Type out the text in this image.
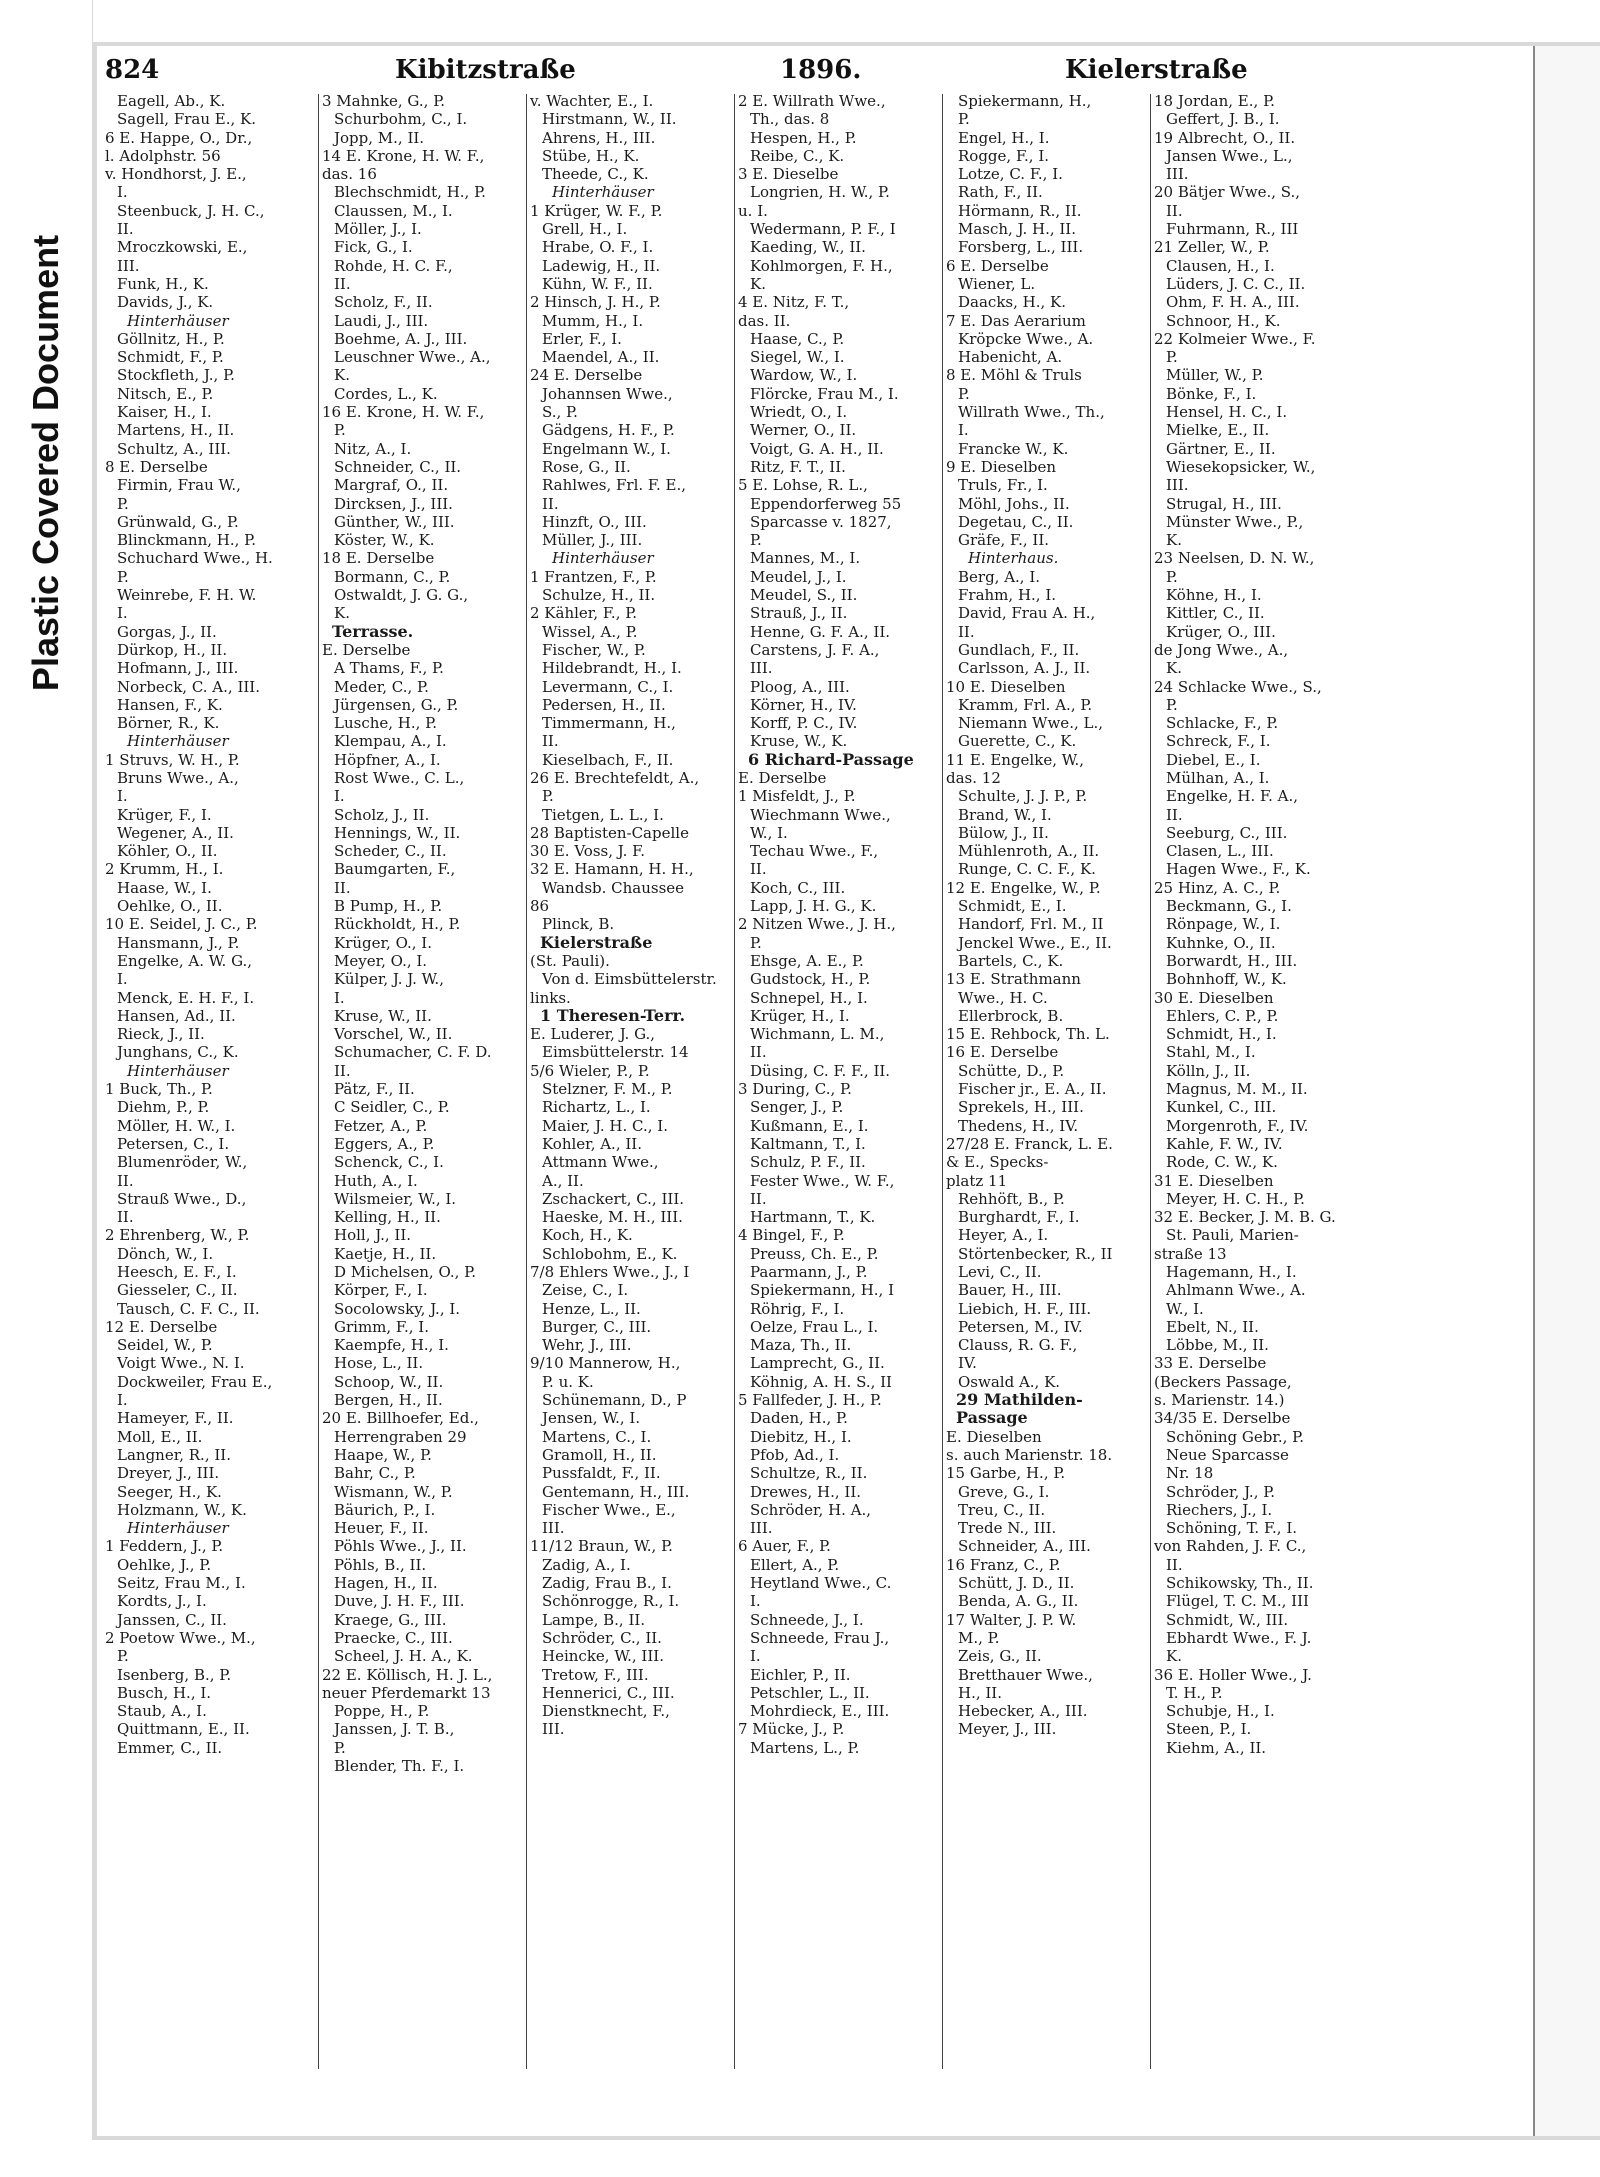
Plastic Covered Document
824	Kibitzstraße	1896.	Kielerstraße
Eagell, Ab., K.
Sagell, Frau E., K.
6 E. Happe, O., Dr.,
l. Adolphstr. 56
v. Hondhorst, J. E.,
I.
Steenbuck, J. H. C.,
II.
Mroczkowski, E.,
III.
Funk, H., K.
Davids, J., K.
Hinterhäuser
Göllnitz, H., P.
Schmidt, F., P.
Stockfleth, J., P.
Nitsch, E., P.
Kaiser, H., I.
Martens, H., II.
Schultz, A., III.
8 E. Derselbe
Firmin, Frau W.,
P.
Grünwald, G., P.
Blinckmann, H., P.
Schuchard Wwe., H.
P.
Weinrebe, F. H. W.
I.
Gorgas, J., II.
Dürkop, H., II.
Hofmann, J., III.
Norbeck, C. A., III.
Hansen, F., K.
Börner, R., K.
Hinterhäuser
1 Struvs, W. H., P.
Bruns Wwe., A.,
I.
Krüger, F., I.
Wegener, A., II.
Köhler, O., II.
2 Krumm, H., I.
Haase, W., I.
Oehlke, O., II.
10 E. Seidel, J. C., P.
Hansmann, J., P.
Engelke, A. W. G.,
I.
Menck, E. H. F., I.
Hansen, Ad., II.
Rieck, J., II.
Junghans, C., K.
Hinterhäuser
1 Buck, Th., P.
Diehm, P., P.
Möller, H. W., I.
Petersen, C., I.
Blumenröder, W.,
II.
Strauß Wwe., D.,
II.
2 Ehrenberg, W., P.
Dönch, W., I.
Heesch, E. F., I.
Giesseler, C., II.
Tausch, C. F. C., II.
12 E. Derselbe
Seidel, W., P.
Voigt Wwe., N. I.
Dockweiler, Frau E.,
I.
Hameyer, F., II.
Moll, E., II.
Langner, R., II.
Dreyer, J., III.
Seeger, H., K.
Holzmann, W., K.
Hinterhäuser
1 Feddern, J., P.
Oehlke, J., P.
Seitz, Frau M., I.
Kordts, J., I.
Janssen, C., II.
2 Poetow Wwe., M.,
P.
Isenberg, B., P.
Busch, H., I.
Staub, A., I.
Quittmann, E., II.
Emmer, C., II.
3 Mahnke, G., P.
Schurbohm, C., I.
Jopp, M., II.
14 E. Krone, H. W. F.,
das. 16
Blechschmidt, H., P.
Claussen, M., I.
Möller, J., I.
Fick, G., I.
Rohde, H. C. F.,
II.
Scholz, F., II.
Laudi, J., III.
Boehme, A. J., III.
Leuschner Wwe., A.,
K.
Cordes, L., K.
16 E. Krone, H. W. F.,
P.
Nitz, A., I.
Schneider, C., II.
Margraf, O., II.
Dircksen, J., III.
Günther, W., III.
Köster, W., K.
18 E. Derselbe
Bormann, C., P.
Ostwaldt, J. G. G.,
K.
Terrasse.
E. Derselbe
A Thams, F., P.
Meder, C., P.
Jürgensen, G., P.
Lusche, H., P.
Klempau, A., I.
Höpfner, A., I.
Rost Wwe., C. L.,
I.
Scholz, J., II.
Hennings, W., II.
Scheder, C., II.
Baumgarten, F.,
II.
B Pump, H., P.
Rückholdt, H., P.
Krüger, O., I.
Meyer, O., I.
Külper, J. J. W.,
I.
Kruse, W., II.
Vorschel, W., II.
Schumacher, C. F. D.
II.
Pätz, F., II.
C Seidler, C., P.
Fetzer, A., P.
Eggers, A., P.
Schenck, C., I.
Huth, A., I.
Wilsmeier, W., I.
Kelling, H., II.
Holl, J., II.
Kaetje, H., II.
D Michelsen, O., P.
Körper, F., I.
Socolowsky, J., I.
Grimm, F., I.
Kaempfe, H., I.
Hose, L., II.
Schoop, W., II.
Bergen, H., II.
20 E. Billhoefer, Ed.,
Herrengraben 29
Haape, W., P.
Bahr, C., P.
Wismann, W., P.
Bäurich, P., I.
Heuer, F., II.
Pöhls Wwe., J., II.
Pöhls, B., II.
Hagen, H., II.
Duve, J. H. F., III.
Kraege, G., III.
Praecke, C., III.
Scheel, J. H. A., K.
22 E. Köllisch, H. J. L.,
neuer Pferdemarkt 13
Poppe, H., P.
Janssen, J. T. B.,
P.
Blender, Th. F., I.
v. Wachter, E., I.
Hirstmann, W., II.
Ahrens, H., III.
Stübe, H., K.
Theede, C., K.
Hinterhäuser
1 Krüger, W. F., P.
Grell, H., I.
Hrabe, O. F., I.
Ladewig, H., II.
Kühn, W. F., II.
2 Hinsch, J. H., P.
Mumm, H., I.
Erler, F., I.
Maendel, A., II.
24 E. Derselbe
Johannsen Wwe.,
S., P.
Gädgens, H. F., P.
Engelmann W., I.
Rose, G., II.
Rahlwes, Frl. F. E.,
II.
Hinzft, O., III.
Müller, J., III.
Hinterhäuser
1 Frantzen, F., P.
Schulze, H., II.
2 Kähler, F., P.
Wissel, A., P.
Fischer, W., P.
Hildebrandt, H., I.
Levermann, C., I.
Pedersen, H., II.
Timmermann, H.,
II.
Kieselbach, F., II.
26 E. Brechtefeldt, A.,
P.
Tietgen, L. L., I.
28 Baptisten-Capelle
30 E. Voss, J. F.
32 E. Hamann, H. H.,
Wandsb. Chaussee
86
Plinck, B.
Kielerstraße
(St. Pauli).
Von d. Eimsbüttelerstr.
links.
1 Theresen-Terr.
E. Luderer, J. G.,
Eimsbüttelerstr. 14
5/6 Wieler, P., P.
Stelzner, F. M., P.
Richartz, L., I.
Maier, J. H. C., I.
Kohler, A., II.
Attmann Wwe.,
A., II.
Zschackert, C., III.
Haeske, M. H., III.
Koch, H., K.
Schlobohm, E., K.
7/8 Ehlers Wwe., J., I
Zeise, C., I.
Henze, L., II.
Burger, C., III.
Wehr, J., III.
9/10 Mannerow, H.,
P. u. K.
Schünemann, D., P
Jensen, W., I.
Martens, C., I.
Gramoll, H., II.
Pussfaldt, F., II.
Gentemann, H., III.
Fischer Wwe., E.,
III.
11/12 Braun, W., P.
Zadig, A., I.
Zadig, Frau B., I.
Schönrogge, R., I.
Lampe, B., II.
Schröder, C., II.
Heincke, W., III.
Tretow, F., III.
Hennerici, C., III.
Dienstknecht, F.,
III.
2 E. Willrath Wwe.,
Th., das. 8
Hespen, H., P.
Reibe, C., K.
3 E. Dieselbe
Longrien, H. W., P.
u. I.
Wedermann, P. F., I
Kaeding, W., II.
Kohlmorgen, F. H.,
K.
4 E. Nitz, F. T.,
das. II.
Haase, C., P.
Siegel, W., I.
Wardow, W., I.
Flörcke, Frau M., I.
Wriedt, O., I.
Werner, O., II.
Voigt, G. A. H., II.
Ritz, F. T., II.
5 E. Lohse, R. L.,
Eppendorferweg 55
Sparcasse v. 1827,
P.
Mannes, M., I.
Meudel, J., I.
Meudel, S., II.
Strauß, J., II.
Henne, G. F. A., II.
Carstens, J. F. A.,
III.
Ploog, A., III.
Körner, H., IV.
Korff, P. C., IV.
Kruse, W., K.
6 Richard-Passage
E. Derselbe
1 Misfeldt, J., P.
Wiechmann Wwe.,
W., I.
Techau Wwe., F.,
II.
Koch, C., III.
Lapp, J. H. G., K.
2 Nitzen Wwe., J. H.,
P.
Ehsge, A. E., P.
Gudstock, H., P.
Schnepel, H., I.
Krüger, H., I.
Wichmann, L. M.,
II.
Düsing, C. F. F., II.
3 During, C., P.
Senger, J., P.
Kußmann, E., I.
Kaltmann, T., I.
Schulz, P. F., II.
Fester Wwe., W. F.,
II.
Hartmann, T., K.
4 Bingel, F., P.
Preuss, Ch. E., P.
Paarmann, J., P.
Spiekermann, H., I
Röhrig, F., I.
Oelze, Frau L., I.
Maza, Th., II.
Lamprecht, G., II.
Köhnig, A. H. S., II
5 Fallfeder, J. H., P.
Daden, H., P.
Diebitz, H., I.
Pfob, Ad., I.
Schultze, R., II.
Drewes, H., II.
Schröder, H. A.,
III.
6 Auer, F., P.
Ellert, A., P.
Heytland Wwe., C.
I.
Schneede, J., I.
Schneede, Frau J.,
I.
Eichler, P., II.
Petschler, L., II.
Mohrdieck, E., III.
7 Mücke, J., P.
Martens, L., P.
Spiekermann, H.,
P.
Engel, H., I.
Rogge, F., I.
Lotze, C. F., I.
Rath, F., II.
Hörmann, R., II.
Masch, J. H., II.
Forsberg, L., III.
6 E. Derselbe
Wiener, L.
Daacks, H., K.
7 E. Das Aerarium
Kröpcke Wwe., A.
Habenicht, A.
8 E. Möhl & Truls
P.
Willrath Wwe., Th.,
I.
Francke W., K.
9 E. Dieselben
Truls, Fr., I.
Möhl, Johs., II.
Degetau, C., II.
Gräfe, F., II.
Hinterhaus.
Berg, A., I.
Frahm, H., I.
David, Frau A. H.,
II.
Gundlach, F., II.
Carlsson, A. J., II.
10 E. Dieselben
Kramm, Frl. A., P.
Niemann Wwe., L.,
Guerette, C., K.
11 E. Engelke, W.,
das. 12
Schulte, J. J. P., P.
Brand, W., I.
Bülow, J., II.
Mühlenroth, A., II.
Runge, C. C. F., K.
12 E. Engelke, W., P.
Schmidt, E., I.
Handorf, Frl. M., II
Jenckel Wwe., E., II.
Bartels, C., K.
13 E. Strathmann
Wwe., H. C.
Ellerbrock, B.
15 E. Rehbock, Th. L.
16 E. Derselbe
Schütte, D., P.
Fischer jr., E. A., II.
Sprekels, H., III.
Thedens, H., IV.
27/28 E. Franck, L. E.
& E., Specks-
platz 11
Rehhöft, B., P.
Burghardt, F., I.
Heyer, A., I.
Störtenbecker, R., II
Levi, C., II.
Bauer, H., III.
Liebich, H. F., III.
Petersen, M., IV.
Clauss, R. G. F.,
IV.
Oswald A., K.
29 Mathilden-
Passage
E. Dieselben
s. auch Marienstr. 18.
15 Garbe, H., P.
Greve, G., I.
Treu, C., II.
Trede N., III.
Schneider, A., III.
16 Franz, C., P.
Schütt, J. D., II.
Benda, A. G., II.
17 Walter, J. P. W.
M., P.
Zeis, G., II.
Bretthauer Wwe.,
H., II.
Hebecker, A., III.
Meyer, J., III.
18 Jordan, E., P.
Geffert, J. B., I.
19 Albrecht, O., II.
Jansen Wwe., L.,
III.
20 Bätjer Wwe., S.,
II.
Fuhrmann, R., III
21 Zeller, W., P.
Clausen, H., I.
Lüders, J. C. C., II.
Ohm, F. H. A., III.
Schnoor, H., K.
22 Kolmeier Wwe., F.
P.
Müller, W., P.
Bönke, F., I.
Hensel, H. C., I.
Mielke, E., II.
Gärtner, E., II.
Wiesekopsicker, W.,
III.
Strugal, H., III.
Münster Wwe., P.,
K.
23 Neelsen, D. N. W.,
P.
Köhne, H., I.
Kittler, C., II.
Krüger, O., III.
de Jong Wwe., A.,
K.
24 Schlacke Wwe., S.,
P.
Schlacke, F., P.
Schreck, F., I.
Diebel, E., I.
Mülhan, A., I.
Engelke, H. F. A.,
II.
Seeburg, C., III.
Clasen, L., III.
Hagen Wwe., F., K.
25 Hinz, A. C., P.
Beckmann, G., I.
Rönpage, W., I.
Kuhnke, O., II.
Borwardt, H., III.
Bohnhoff, W., K.
30 E. Dieselben
Ehlers, C. P., P.
Schmidt, H., I.
Stahl, M., I.
Kölln, J., II.
Magnus, M. M., II.
Kunkel, C., III.
Morgenroth, F., IV.
Kahle, F. W., IV.
Rode, C. W., K.
31 E. Dieselben
Meyer, H. C. H., P.
32 E. Becker, J. M. B. G.
St. Pauli, Marien-
straße 13
Hagemann, H., I.
Ahlmann Wwe., A.
W., I.
Ebelt, N., II.
Löbbe, M., II.
33 E. Derselbe
(Beckers Passage,
s. Marienstr. 14.)
34/35 E. Derselbe
Schöning Gebr., P.
Neue Sparcasse
Nr. 18
Schröder, J., P.
Riechers, J., I.
Schöning, T. F., I.
von Rahden, J. F. C.,
II.
Schikowsky, Th., II.
Flügel, T. C. M., III
Schmidt, W., III.
Ebhardt Wwe., F. J.
K.
36 E. Holler Wwe., J.
T. H., P.
Schubje, H., I.
Steen, P., I.
Kiehm, A., II.
